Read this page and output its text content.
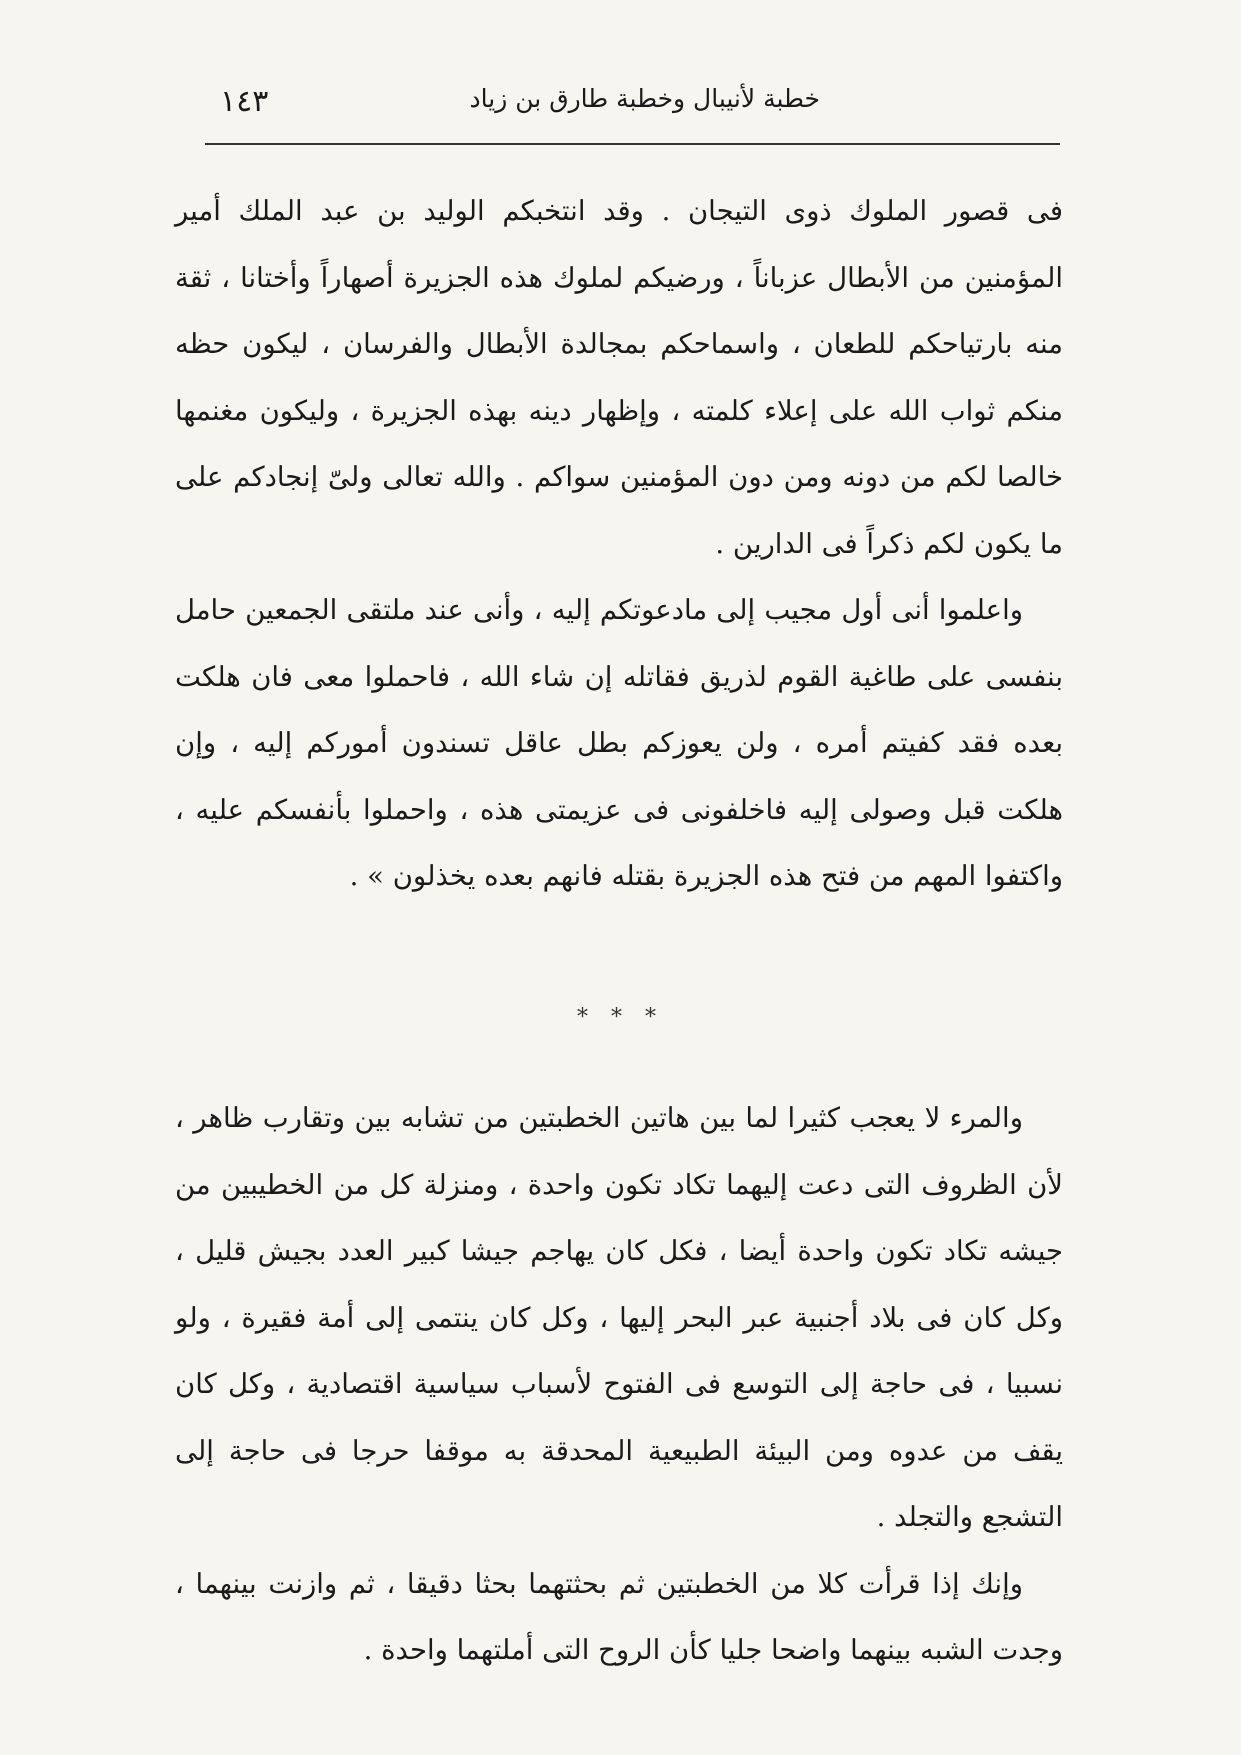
خطبة لأنيبال وخطبة طارق بن زياد
١٤٣

فى قصور الملوك ذوى التيجان . وقد انتخبكم الوليد بن عبد الملك أمير المؤمنين من الأبطال عزباناً ، ورضيكم لملوك هذه الجزيرة أصهاراً وأختانا ، ثقة منه بارتياحكم للطعان ، واسماحكم بمجالدة الأبطال والفرسان ، ليكون حظه منكم ثواب الله على إعلاء كلمته ، وإظهار دينه بهذه الجزيرة ، وليكون مغنمها خالصا لكم من دونه ومن دون المؤمنين سواكم . والله تعالى ولىّ إنجادكم على ما يكون لكم ذكراً فى الدارين .

واعلموا أنى أول مجيب إلى مادعوتكم إليه ، وأنى عند ملتقى الجمعين حامل بنفسى على طاغية القوم لذريق فقاتله إن شاء الله ، فاحملوا معى فان هلكت بعده فقد كفيتم أمره ، ولن يعوزكم بطل عاقل تسندون أموركم إليه ، وإن هلكت قبل وصولى إليه فاخلفونى فى عزيمتى هذه ، واحملوا بأنفسكم عليه ، واكتفوا المهم من فتح هذه الجزيرة بقتله فانهم بعده يخذلون » .

* * *

والمرء لا يعجب كثيرا لما بين هاتين الخطبتين من تشابه بين وتقارب ظاهر ، لأن الظروف التى دعت إليهما تكاد تكون واحدة ، ومنزلة كل من الخطيبين من جيشه تكاد تكون واحدة أيضا ، فكل كان يهاجم جيشا كبير العدد بجيش قليل ، وكل كان فى بلاد أجنبية عبر البحر إليها ، وكل كان ينتمى إلى أمة فقيرة ، ولو نسبيا ، فى حاجة إلى التوسع فى الفتوح لأسباب سياسية اقتصادية ، وكل كان يقف من عدوه ومن البيئة الطبيعية المحدقة به موقفا حرجا فى حاجة إلى التشجع والتجلد .

وإنك إذا قرأت كلا من الخطبتين ثم بحثتهما بحثا دقيقا ، ثم وازنت بينهما ، وجدت الشبه بينهما واضحا جليا كأن الروح التى أملتهما واحدة .
